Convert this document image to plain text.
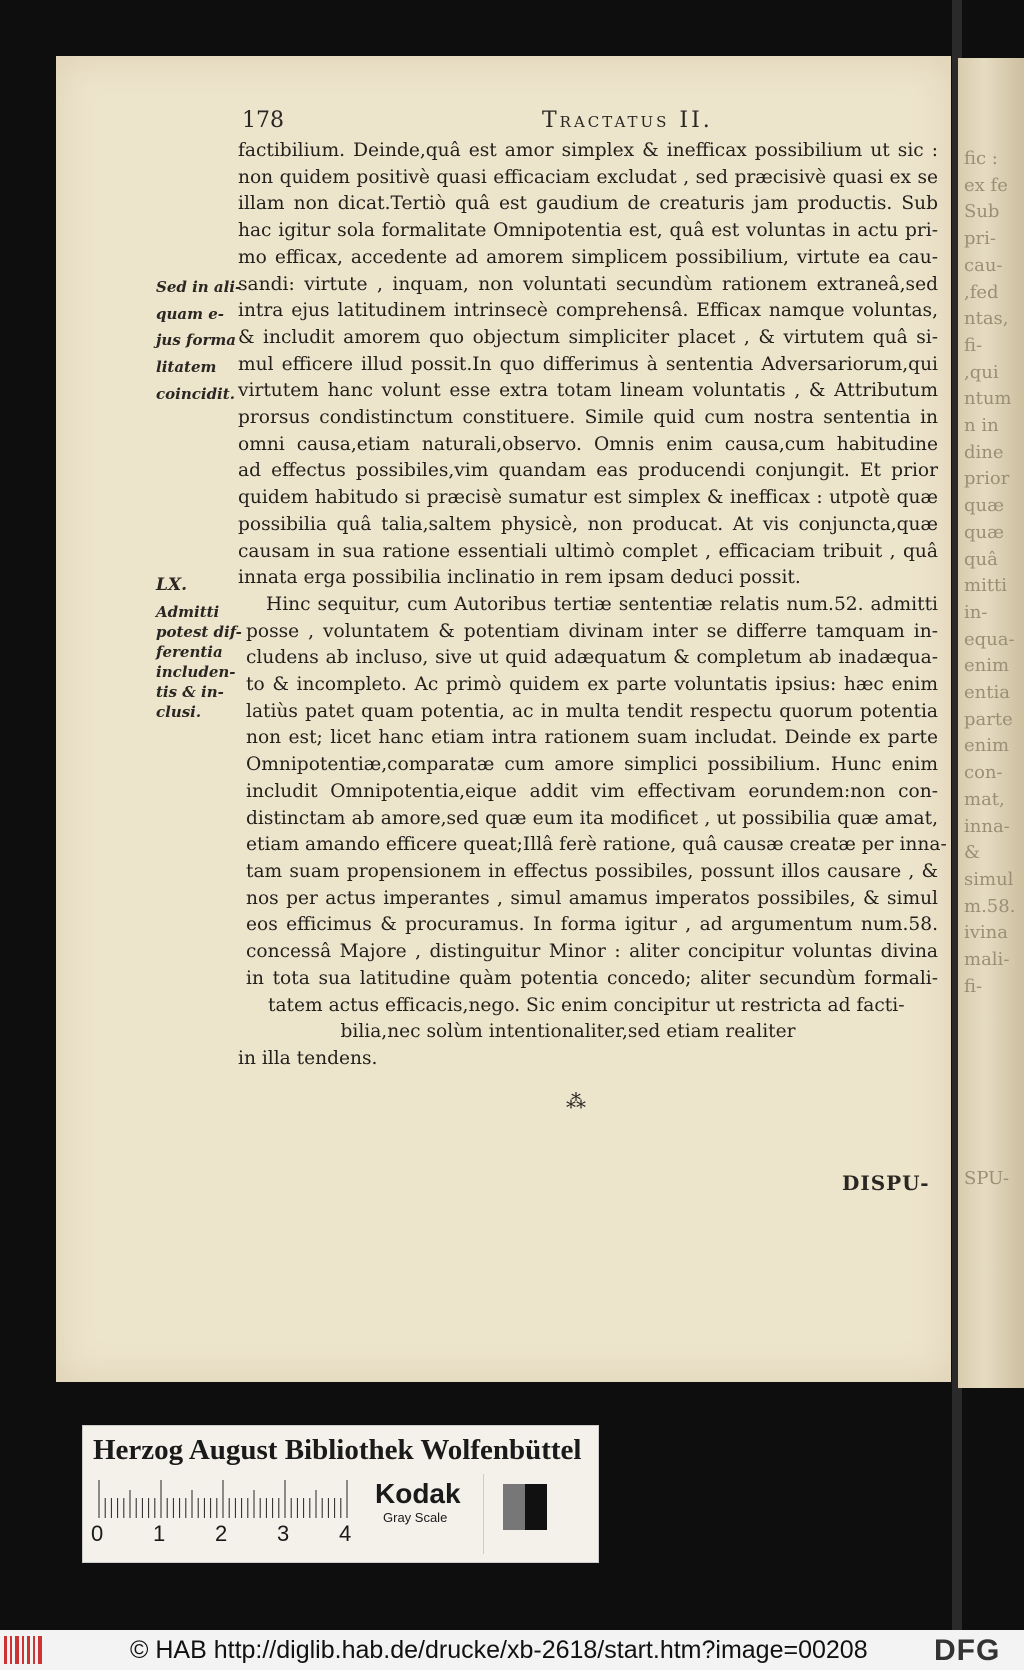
fic :
ex fe
Sub
pri-
cau-
,fed
ntas,
fi-
,qui
ntum
n in
dine
prior
quæ
quæ
quâ
mitti
in-
equa-
enim
entia
parte
enim
con-
mat,
inna-
&
simul
m.58.
ivina
mali-
fi-
SPU-
178	Tractatus II.
Sed in ali-
quam e-
jus forma
litatem
coincidit.
LX.
Admitti
potest dif-
ferentia
includen-
tis & in-
clusi.
factibilium. Deinde,quâ est amor simplex & inefficax possibilium ut sic :
non quidem positivè quasi efficaciam excludat , sed præcisivè quasi ex se
illam non dicat.Tertiò quâ est gaudium de creaturis jam productis. Sub
hac igitur sola formalitate Omnipotentia est, quâ est voluntas in actu pri-
mo efficax, accedente ad amorem simplicem possibilium, virtute ea cau-
sandi: virtute , inquam, non voluntati secundùm rationem extraneâ,sed
intra ejus latitudinem intrinsecè comprehensâ. Efficax namque voluntas,
& includit amorem quo objectum simpliciter placet , & virtutem quâ si-
mul efficere illud possit.In quo differimus à sententia Adversariorum,qui
virtutem hanc volunt esse extra totam lineam voluntatis , & Attributum
prorsus condistinctum constituere. Simile quid cum nostra sententia in
omni causa,etiam naturali,observo. Omnis enim causa,cum habitudine
ad effectus possibiles,vim quandam eas producendi conjungit. Et prior
quidem habitudo si præcisè sumatur est simplex & inefficax : utpotè quæ
possibilia quâ talia,saltem physicè, non producat. At vis conjuncta,quæ
causam in sua ratione essentiali ultimò complet , efficaciam tribuit , quâ
innata erga possibilia inclinatio in rem ipsam deduci possit.
Hinc sequitur, cum Autoribus tertiæ sententiæ relatis num.52. admitti
posse , voluntatem & potentiam divinam inter se differre tamquam in-
cludens ab incluso, sive ut quid adæquatum & completum ab inadæqua-
to & incompleto. Ac primò quidem ex parte voluntatis ipsius: hæc enim
latiùs patet quam potentia, ac in multa tendit respectu quorum potentia
non est; licet hanc etiam intra rationem suam includat. Deinde ex parte
Omnipotentiæ,comparatæ cum amore simplici possibilium. Hunc enim
includit Omnipotentia,eique addit vim effectivam eorundem:non con-
distinctam ab amore,sed quæ eum ita modificet , ut possibilia quæ amat,
etiam amando efficere queat;Illâ ferè ratione, quâ causæ creatæ per inna-
tam suam propensionem in effectus possibiles, possunt illos causare , &
nos per actus imperantes , simul amamus imperatos possibiles, & simul
eos efficimus & procuramus. In forma igitur , ad argumentum num.58.
concessâ Majore , distinguitur Minor : aliter concipitur voluntas divina
in tota sua latitudine quàm potentia concedo; aliter secundùm formali-
tatem actus efficacis,nego. Sic enim concipitur ut restricta ad facti-
bilia,nec solùm intentionaliter,sed etiam realiter
in illa tendens.
⁂
DISPU-
Herzog August Bibliothek Wolfenbüttel
0 1 2 3 4
Kodak
Gray Scale
© HAB http://diglib.hab.de/drucke/xb-2618/start.htm?image=00208 DFG
